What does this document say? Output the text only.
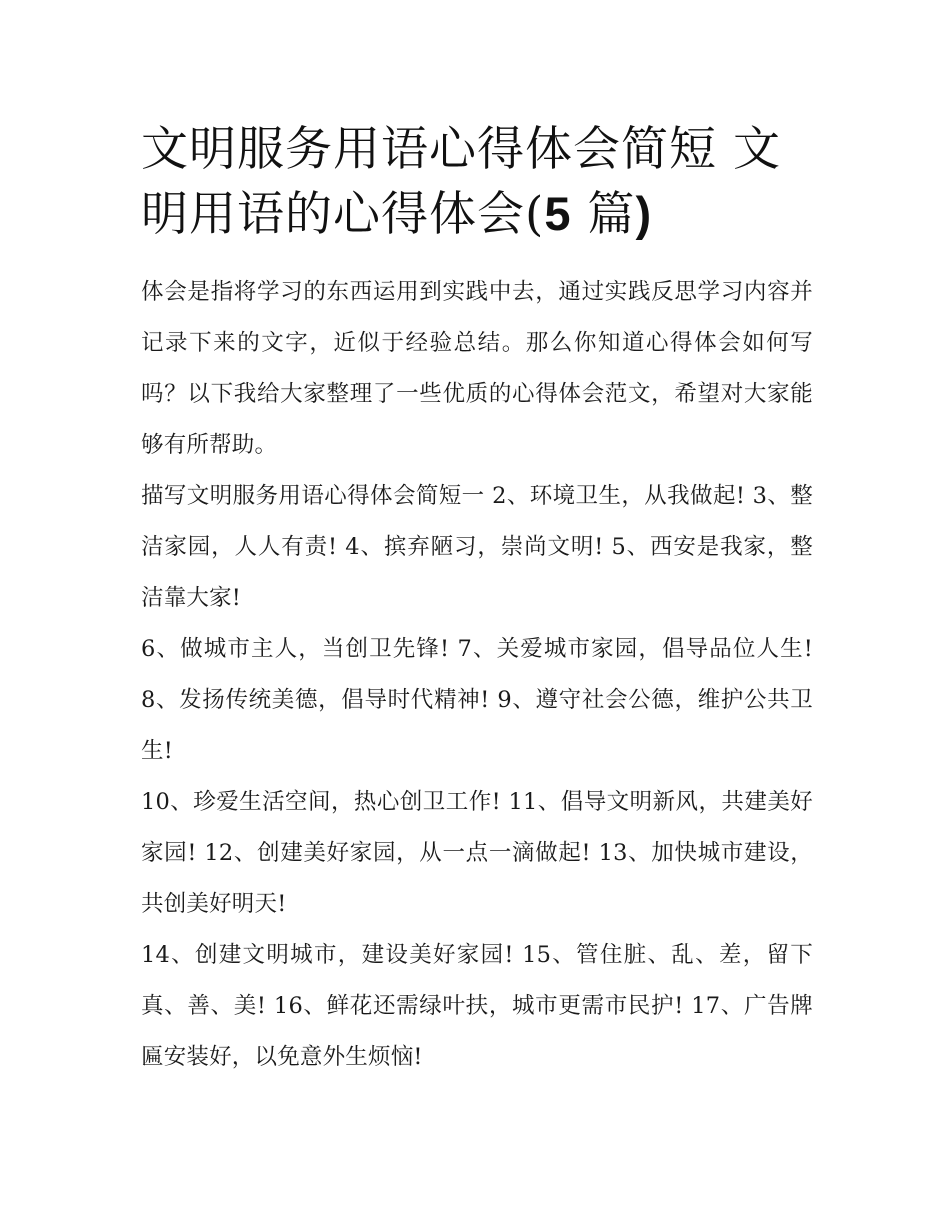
文明服务用语心得体会简短 文明用语的心得体会(5 篇)

体会是指将学习的东西运用到实践中去，通过实践反思学习内容并记录下来的文字，近似于经验总结。那么你知道心得体会如何写吗？以下我给大家整理了一些优质的心得体会范文，希望对大家能够有所帮助。

描写文明服务用语心得体会简短一 2、环境卫生，从我做起! 3、整洁家园，人人有责! 4、摈弃陋习，崇尚文明! 5、西安是我家，整洁靠大家!

6、做城市主人，当创卫先锋! 7、关爱城市家园，倡导品位人生! 8、发扬传统美德，倡导时代精神! 9、遵守社会公德，维护公共卫生!

10、珍爱生活空间，热心创卫工作! 11、倡导文明新风，共建美好家园! 12、创建美好家园，从一点一滴做起! 13、加快城市建设，共创美好明天!

14、创建文明城市，建设美好家园! 15、管住脏、乱、差，留下真、善、美! 16、鲜花还需绿叶扶，城市更需市民护! 17、广告牌匾安装好，以免意外生烦恼!
